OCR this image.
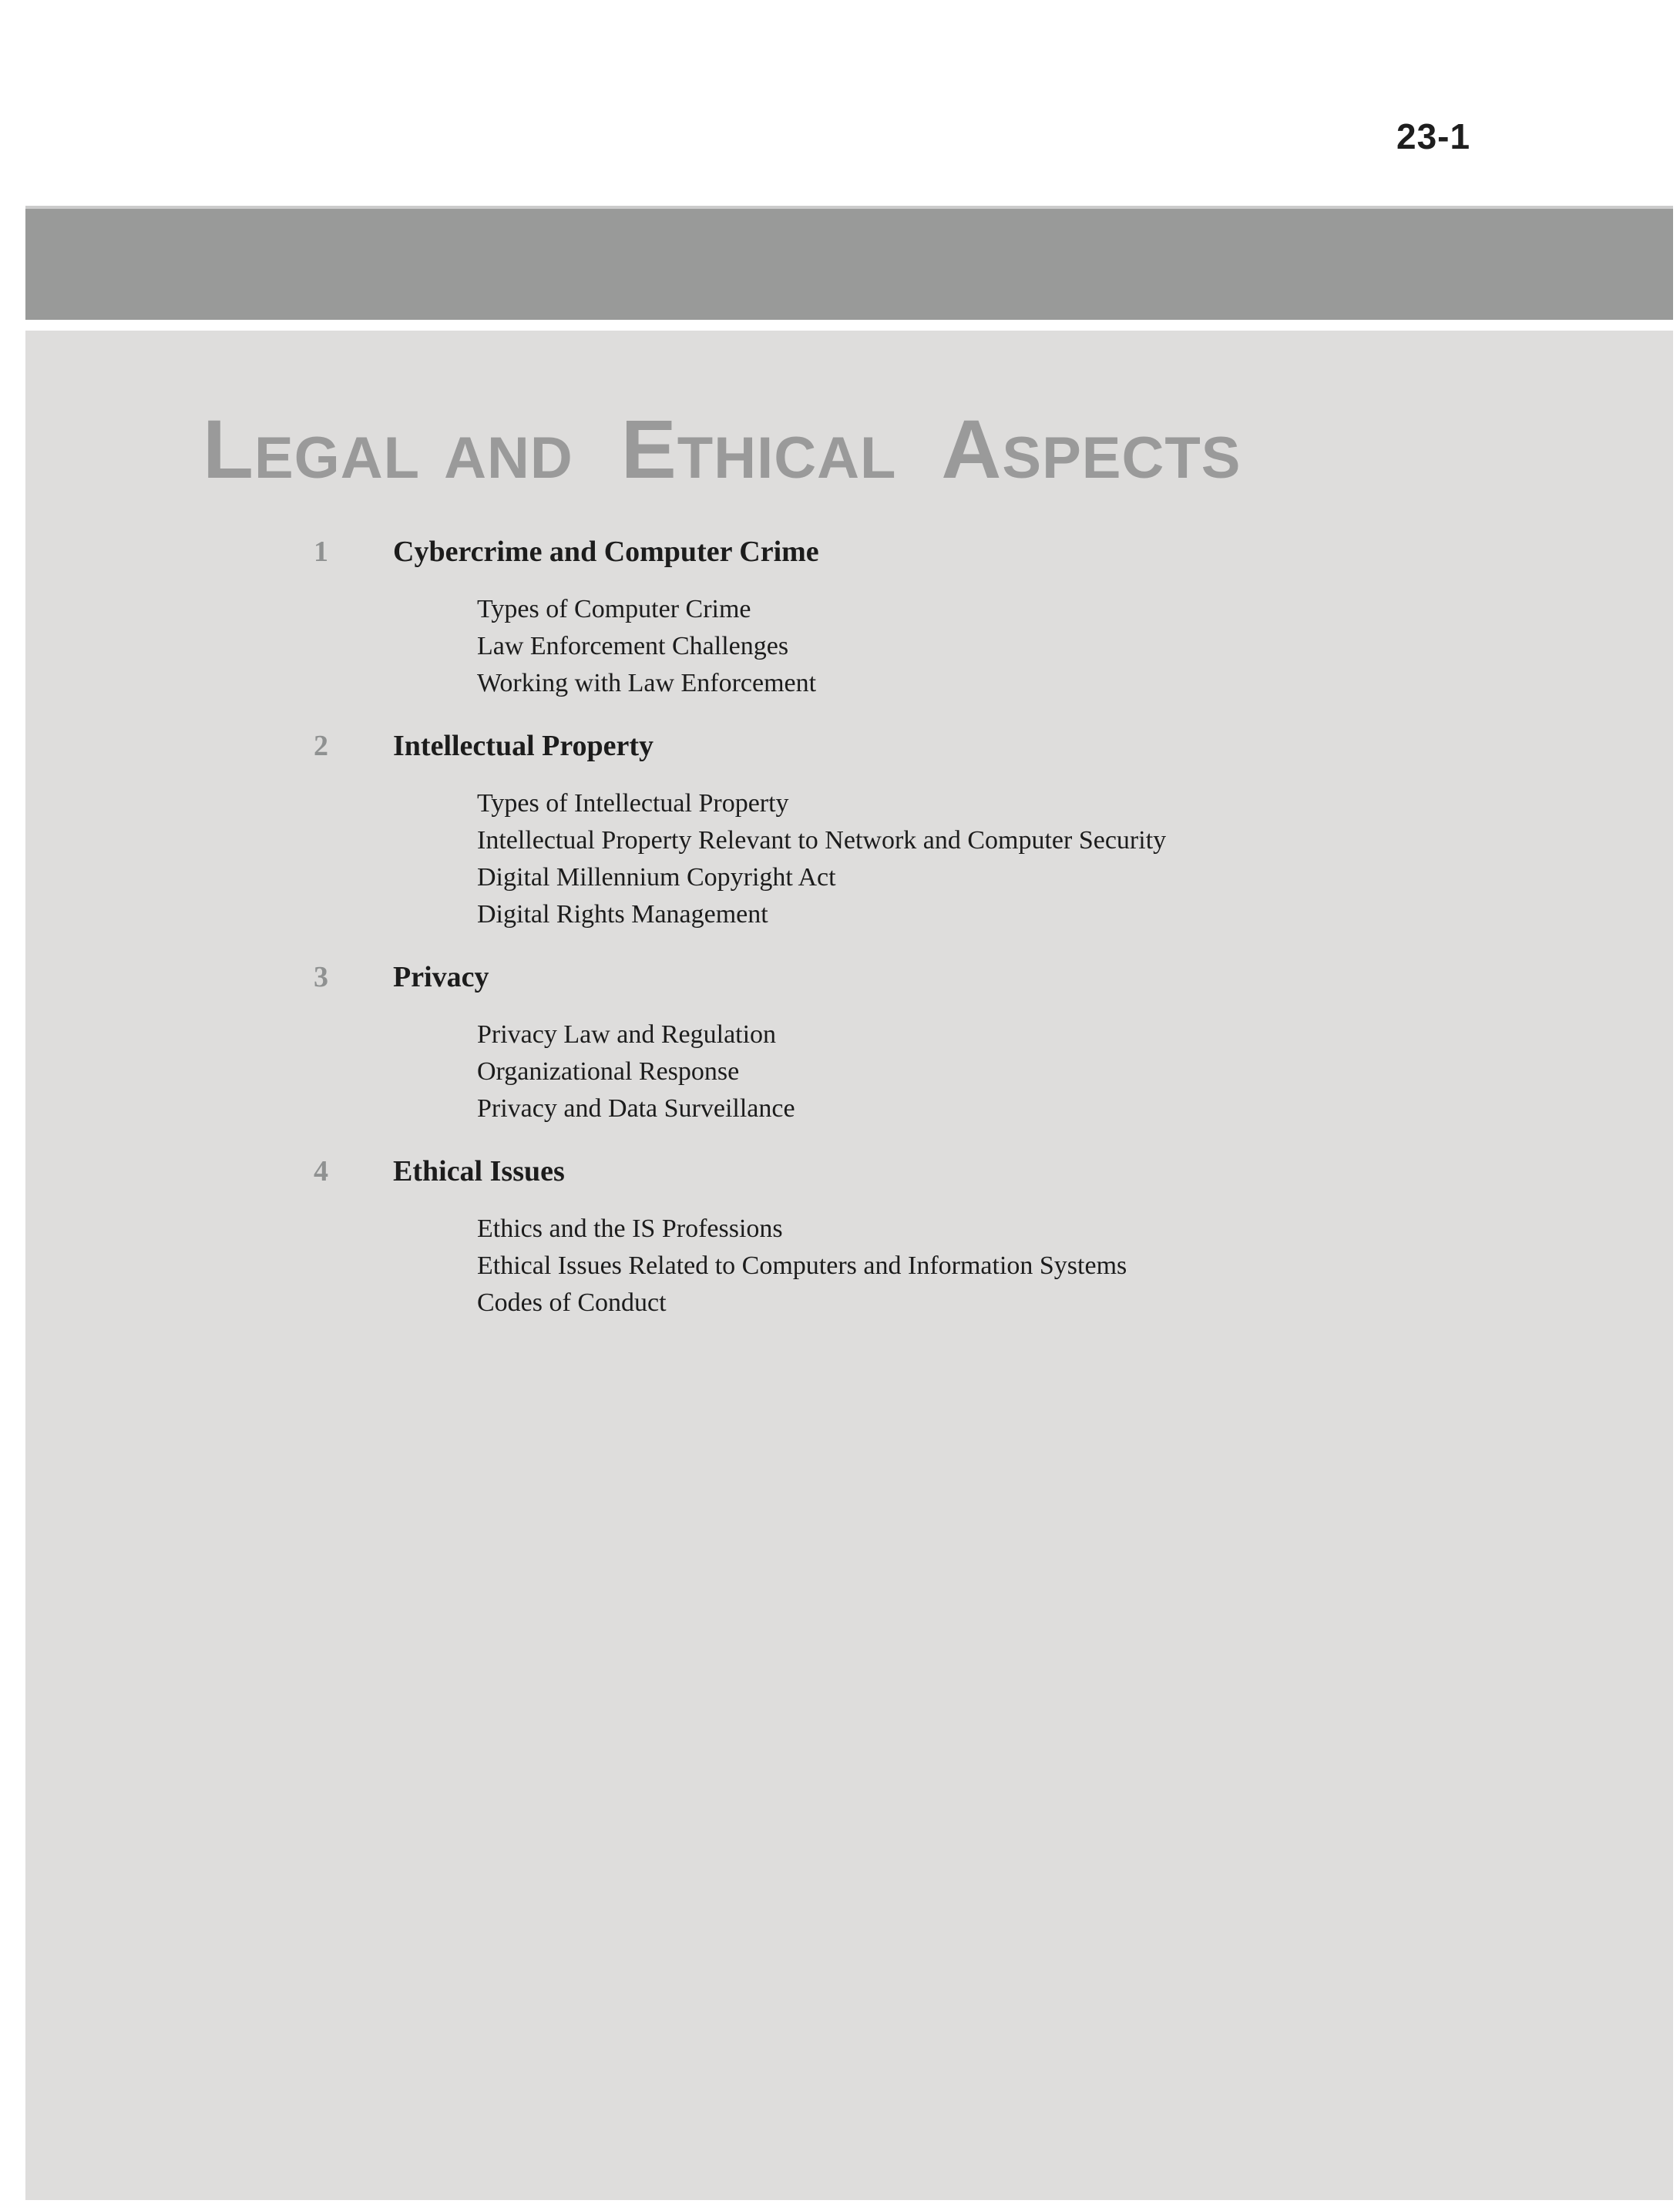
23-1
Legal and  Ethical  Aspects
1 Cybercrime and Computer Crime
Types of Computer Crime
Law Enforcement Challenges
Working with Law Enforcement
2 Intellectual Property
Types of Intellectual Property
Intellectual Property Relevant to Network and Computer Security
Digital Millennium Copyright Act
Digital Rights Management
3 Privacy
Privacy Law and Regulation
Organizational Response
Privacy and Data Surveillance
4 Ethical Issues
Ethics and the IS Professions
Ethical Issues Related to Computers and Information Systems
Codes of Conduct
